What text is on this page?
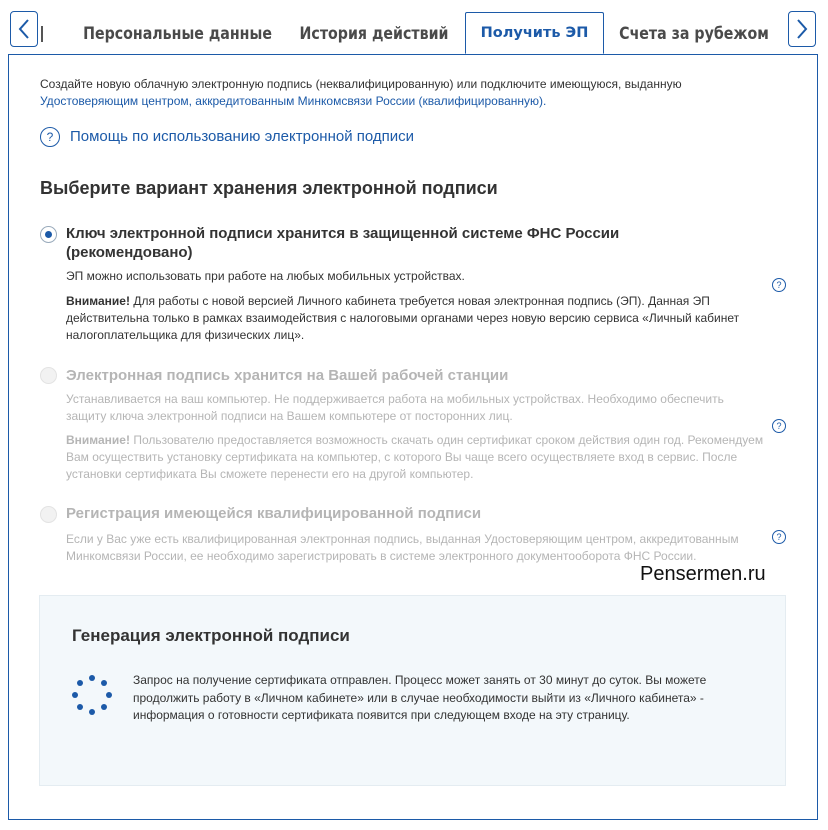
Персональные данные История действий	Получить ЭП	Счета за рубежом
Создайте новую облачную электронную подпись (неквалифицированную) или подключите имеющуюся, выданную
Удостоверяющим центром, аккредитованным Минкомсвязи России (квалифицированную).
? Помощь по использованию электронной подписи
Выберите вариант хранения электронной подписи
Ключ электронной подписи хранится в защищенной системе ФНС России (рекомендовано)
ЭП можно использовать при работе на любых мобильных устройствах.
Внимание! Для работы с новой версией Личного кабинета требуется новая электронная подпись (ЭП). Данная ЭП действительна только в рамках взаимодействия с налоговыми органами через новую версию сервиса «Личный кабинет налогоплательщика для физических лиц».
?
Электронная подпись хранится на Вашей рабочей станции
Устанавливается на ваш компьютер. Не поддерживается работа на мобильных устройствах. Необходимо обеспечить защиту ключа электронной подписи на Вашем компьютере от посторонних лиц.
Внимание! Пользователю предоставляется возможность скачать один сертификат сроком действия один год. Рекомендуем Вам осуществить установку сертификата на компьютер, с которого Вы чаще всего осуществляете вход в сервис. После установки сертификата Вы сможете перенести его на другой компьютер.
?
Регистрация имеющейся квалифицированной подписи
Если у Вас уже есть квалифицированная электронная подпись, выданная Удостоверяющим центром, аккредитованным Минкомсвязи России, ее необходимо зарегистрировать в системе электронного документооборота ФНС России.
?
Pensermen.ru
Генерация электронной подписи
Запрос на получение сертификата отправлен. Процесс может занять от 30 минут до суток. Вы можете продолжить работу в «Личном кабинете» или в случае необходимости выйти из «Личного кабинета» - информация о готовности сертификата появится при следующем входе на эту страницу.
